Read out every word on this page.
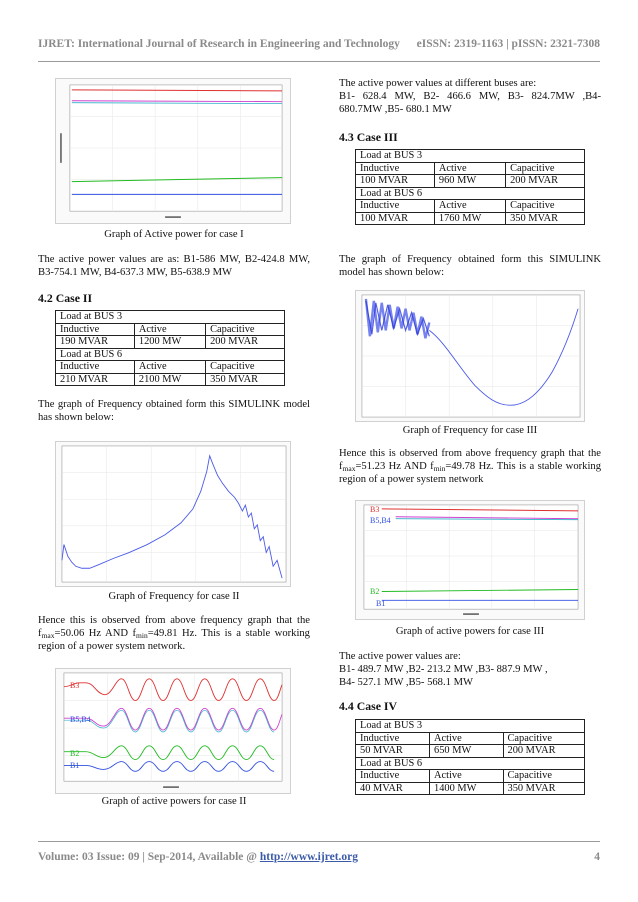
IJRET: International Journal of Research in Engineering and Technology eISSN: 2319-1163 | pISSN: 2321-7308
Graph of Active power for case I
The active power values are as: B1-586 MW, B2-424.8 MW, B3-754.1 MW, B4-637.3 MW, B5-638.9 MW
4.2 Case II
Load at BUS 3		
Inductive	Active	Capacitive
190 MVAR	1200 MW	200 MVAR
Load at BUS 6		
Inductive	Active	Capacitive
210 MVAR	2100 MW	350 MVAR
The graph of Frequency obtained form this SIMULINK model has shown below:
Graph of Frequency for case II
Hence this is observed from above frequency graph that the $f_{max}=50.06$ Hz AND $f_{min}=49.81$ Hz. This is a stable working region of a power system network.
B3
B5,B4
B2
B1
Graph of active powers for case II
The active power values at different buses are:
B1- 628.4 MW, B2- 466.6 MW, B3- 824.7MW ,B4- 680.7MW ,B5- 680.1 MW
4.3 Case III
Load at BUS 3		
Inductive	Active	Capacitive
100 MVAR	960 MW	200 MVAR
Load at BUS 6		
Inductive	Active	Capacitive
100 MVAR	1760 MW	350 MVAR
The graph of Frequency obtained form this SIMULINK model has shown below:
Graph of Frequency for case III
Hence this is observed from above frequency graph that the $f_{max}=51.23$ Hz AND $f_{min}=49.78$ Hz. This is a stable working region of a power system network
B3
B5,B4
B2
B1
Graph of active powers for case III
The active power values are:
B1- 489.7 MW ,B2- 213.2 MW ,B3- 887.9 MW ,
B4- 527.1 MW ,B5- 568.1 MW
4.4 Case IV
Load at BUS 3		
Inductive	Active	Capacitive
50 MVAR	650 MW	200 MVAR
Load at BUS 6		
Inductive	Active	Capacitive
40 MVAR	1400 MW	350 MVAR
Volume: 03 Issue: 09 | Sep-2014, Available @ http://www.ijret.org	4
